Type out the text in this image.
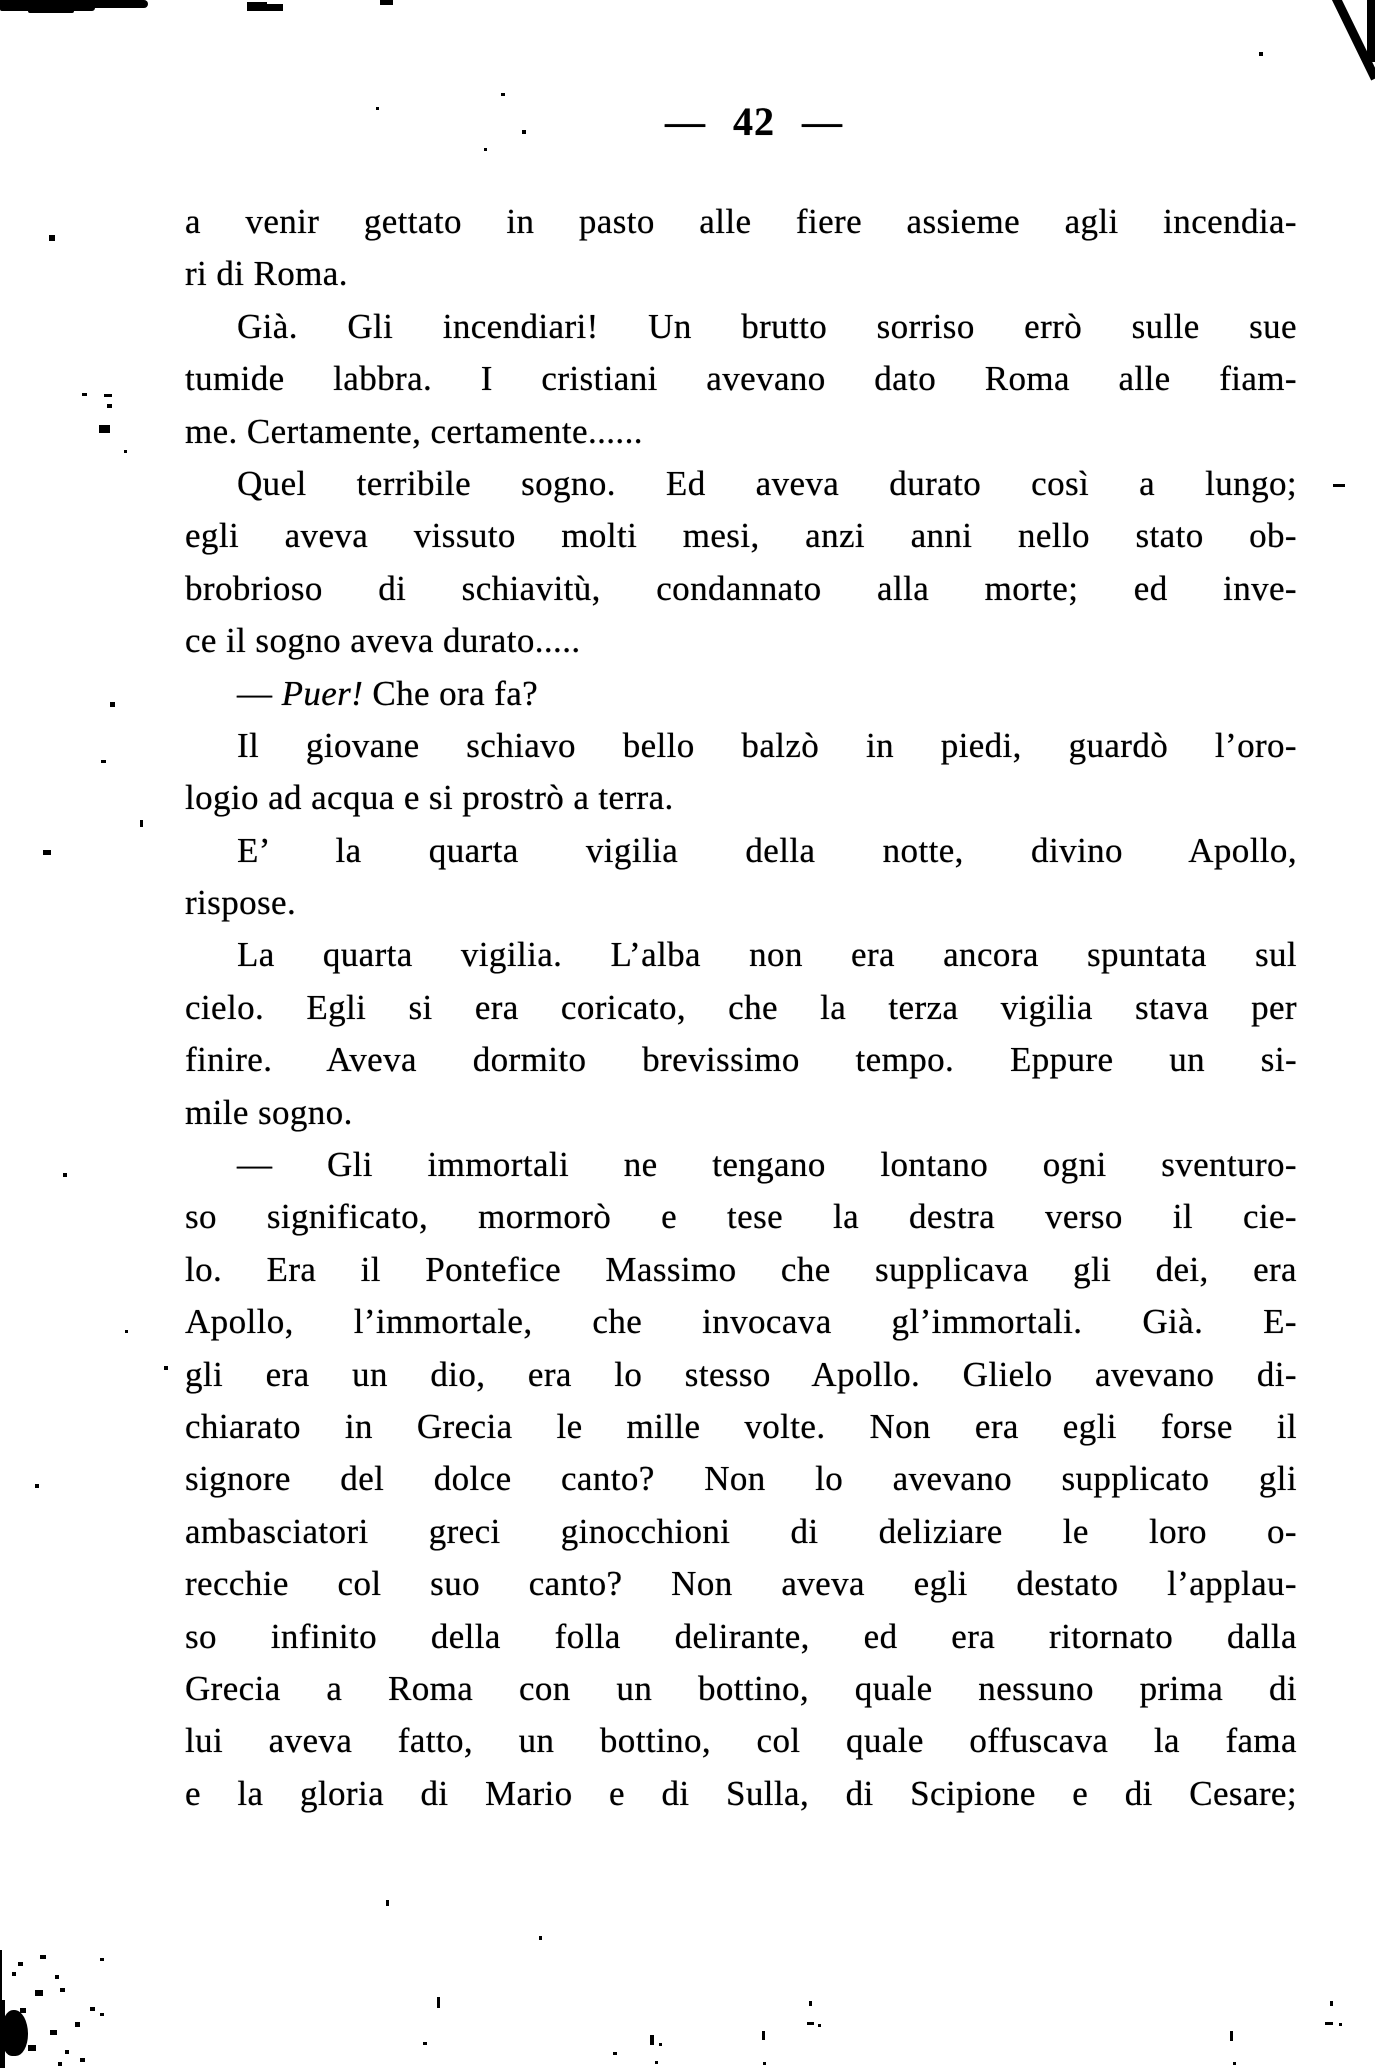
— 42 —
a venir gettato in pasto alle fiere assieme agli incendia-
ri di Roma.
Già. Gli incendiari! Un brutto sorriso errò sulle sue
tumide labbra. I cristiani avevano dato Roma alle fiam-
me. Certamente, certamente......
Quel terribile sogno. Ed aveva durato così a lungo;
egli aveva vissuto molti mesi, anzi anni nello stato ob-
brobrioso di schiavitù, condannato alla morte; ed inve-
ce il sogno aveva durato.....
— Puer! Che ora fa?
Il giovane schiavo bello balzò in piedi, guardò l’oro-
logio ad acqua e si prostrò a terra.
E’ la quarta vigilia della notte, divino Apollo,
rispose.
La quarta vigilia. L’alba non era ancora spuntata sul
cielo. Egli si era coricato, che la terza vigilia stava per
finire. Aveva dormito brevissimo tempo. Eppure un si-
mile sogno.
— Gli immortali ne tengano lontano ogni sventuro-
so significato, mormorò e tese la destra verso il cie-
lo. Era il Pontefice Massimo che supplicava gli dei, era
Apollo, l’immortale, che invocava gl’immortali. Già. E-
gli era un dio, era lo stesso Apollo. Glielo avevano di-
chiarato in Grecia le mille volte. Non era egli forse il
signore del dolce canto? Non lo avevano supplicato gli
ambasciatori greci ginocchioni di deliziare le loro o-
recchie col suo canto? Non aveva egli destato l’applau-
so infinito della folla delirante, ed era ritornato dalla
Grecia a Roma con un bottino, quale nessuno prima di
lui aveva fatto, un bottino, col quale offuscava la fama
e la gloria di Mario e di Sulla, di Scipione e di Cesare;
